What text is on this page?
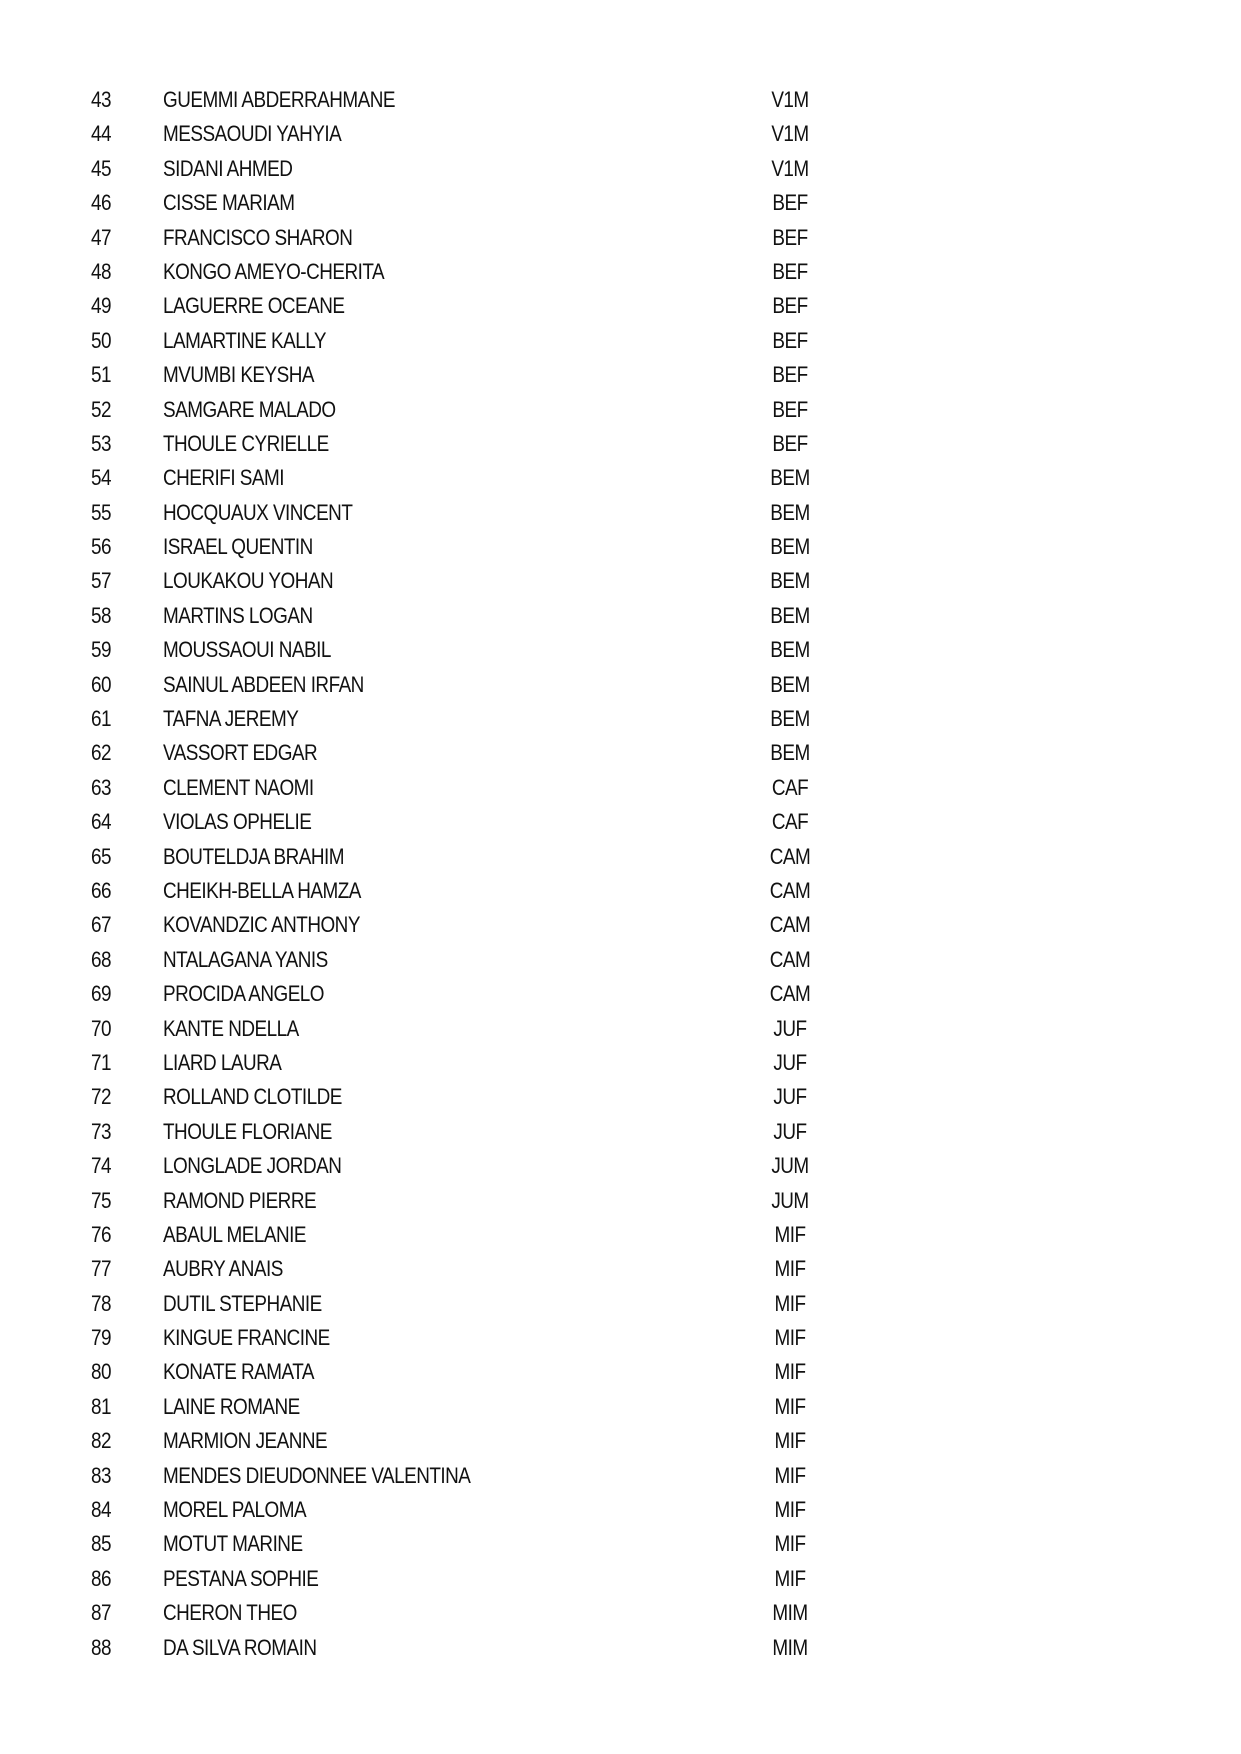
43 GUEMMI ABDERRAHMANE	V1M
44 MESSAOUDI YAHYIA	V1M
45 SIDANI AHMED	V1M
46 CISSE MARIAM	BEF
47 FRANCISCO SHARON	BEF
48 KONGO AMEYO-CHERITA	BEF
49 LAGUERRE OCEANE	BEF
50 LAMARTINE KALLY	BEF
51 MVUMBI KEYSHA	BEF
52 SAMGARE MALADO	BEF
53 THOULE CYRIELLE	BEF
54 CHERIFI SAMI	BEM
55 HOCQUAUX VINCENT	BEM
56 ISRAEL QUENTIN	BEM
57 LOUKAKOU YOHAN	BEM
58 MARTINS LOGAN	BEM
59 MOUSSAOUI NABIL	BEM
60 SAINUL ABDEEN IRFAN	BEM
61 TAFNA JEREMY	BEM
62 VASSORT EDGAR	BEM
63 CLEMENT NAOMI	CAF
64 VIOLAS OPHELIE	CAF
65 BOUTELDJA BRAHIM	CAM
66 CHEIKH-BELLA HAMZA	CAM
67 KOVANDZIC ANTHONY	CAM
68 NTALAGANA YANIS	CAM
69 PROCIDA ANGELO	CAM
70 KANTE NDELLA	JUF
71 LIARD LAURA	JUF
72 ROLLAND CLOTILDE	JUF
73 THOULE FLORIANE	JUF
74 LONGLADE JORDAN	JUM
75 RAMOND PIERRE	JUM
76 ABAUL MELANIE	MIF
77 AUBRY ANAIS	MIF
78 DUTIL STEPHANIE	MIF
79 KINGUE FRANCINE	MIF
80 KONATE RAMATA	MIF
81 LAINE ROMANE	MIF
82 MARMION JEANNE	MIF
83 MENDES DIEUDONNEE VALENTINA	MIF
84 MOREL PALOMA	MIF
85 MOTUT MARINE	MIF
86 PESTANA SOPHIE	MIF
87 CHERON THEO	MIM
88 DA SILVA ROMAIN	MIM
